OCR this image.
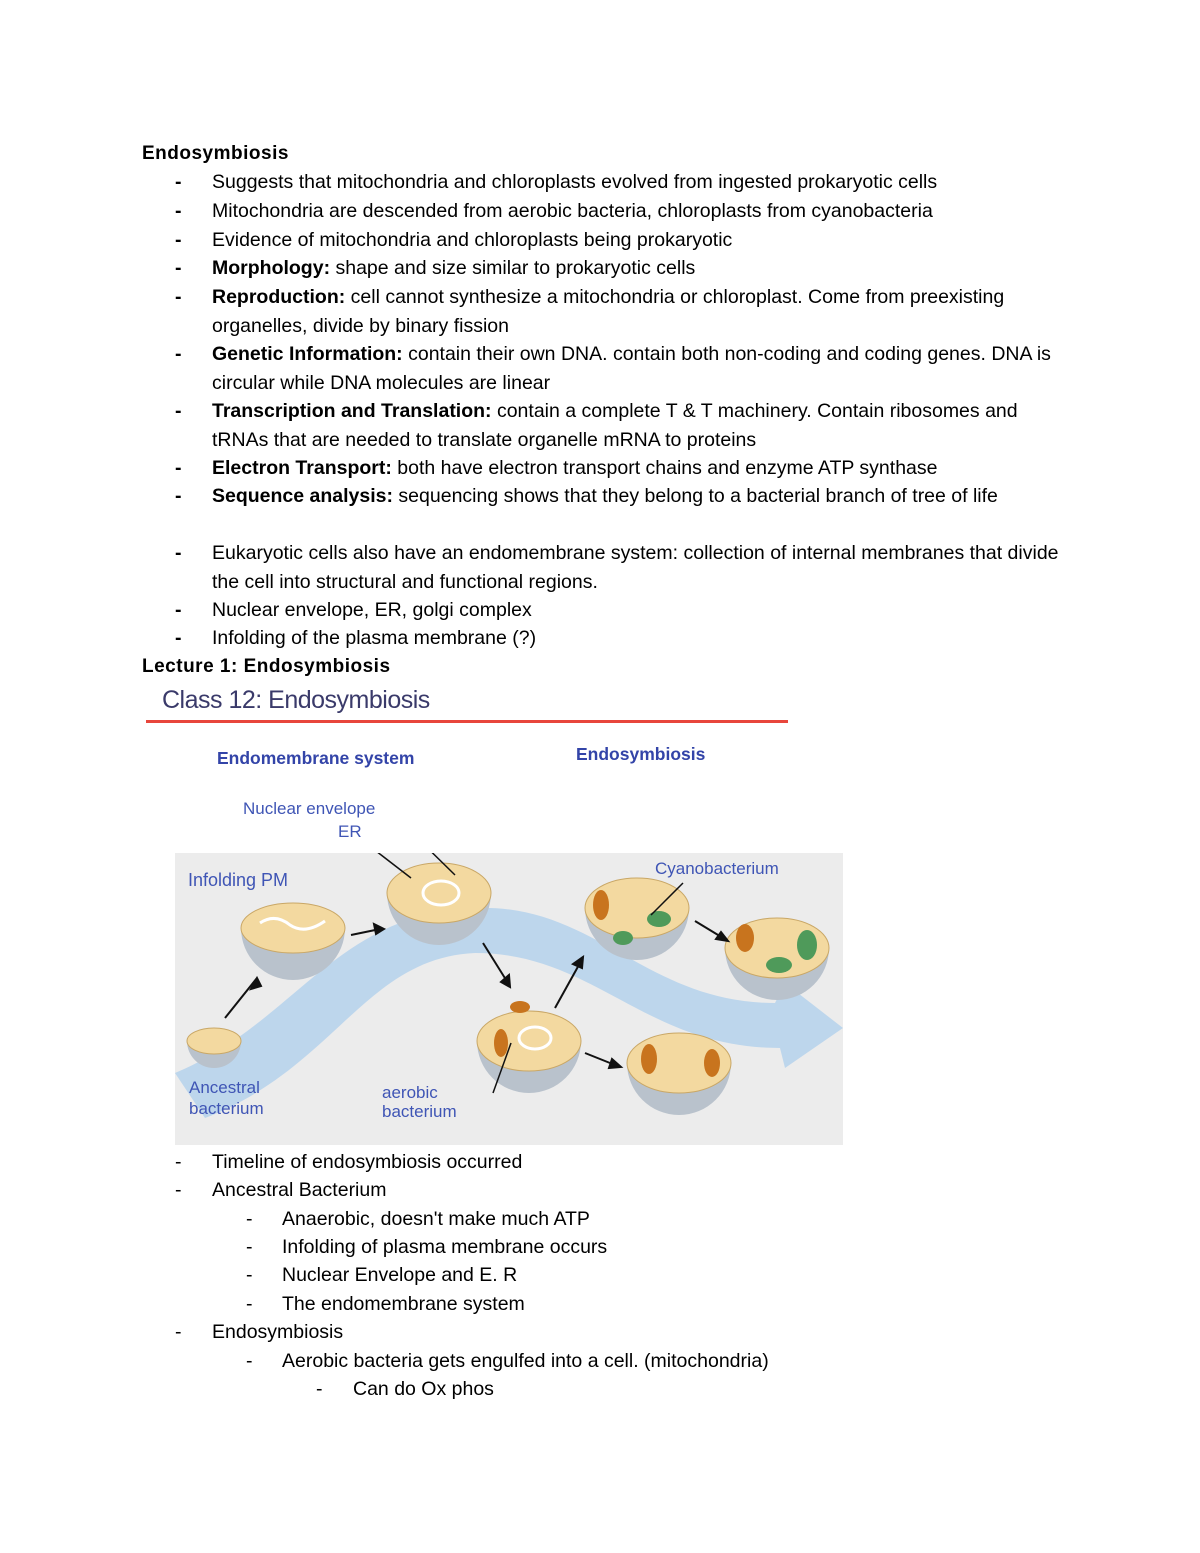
Endosymbiosis
-	Suggests that mitochondria and chloroplasts evolved from ingested prokaryotic cells
-	Mitochondria are descended from aerobic bacteria, chloroplasts from cyanobacteria
-	Evidence of mitochondria and chloroplasts being prokaryotic
-	Morphology: shape and size similar to prokaryotic cells
-	Reproduction: cell cannot synthesize a mitochondria or chloroplast. Come from preexisting organelles, divide by binary fission
-	Genetic Information: contain their own DNA. contain both non-coding and coding genes. DNA is circular while DNA molecules are linear
-	Transcription and Translation: contain a complete T & T machinery. Contain ribosomes and tRNAs that are needed to translate organelle mRNA to proteins
-	Electron Transport: both have electron transport chains and enzyme ATP synthase
-	Sequence analysis: sequencing shows that they belong to a bacterial branch of tree of life
-	Eukaryotic cells also have an endomembrane system: collection of internal membranes that divide the cell into structural and functional regions.
-	Nuclear envelope, ER, golgi complex
-	Infolding of the plasma membrane (?)
Lecture 1: Endosymbiosis
Class 12: Endosymbiosis
Endomembrane system	Endosymbiosis
Nuclear envelope
ER
Infolding PM
Cyanobacterium
Ancestral
bacterium
aerobic
bacterium
-	Timeline of endosymbiosis occurred
-	Ancestral Bacterium
-	Anaerobic, doesn't make much ATP
-	Infolding of plasma membrane occurs
-	Nuclear Envelope and E. R
-	The endomembrane system
-	Endosymbiosis
-	Aerobic bacteria gets engulfed into a cell. (mitochondria)
-	Can do Ox phos
